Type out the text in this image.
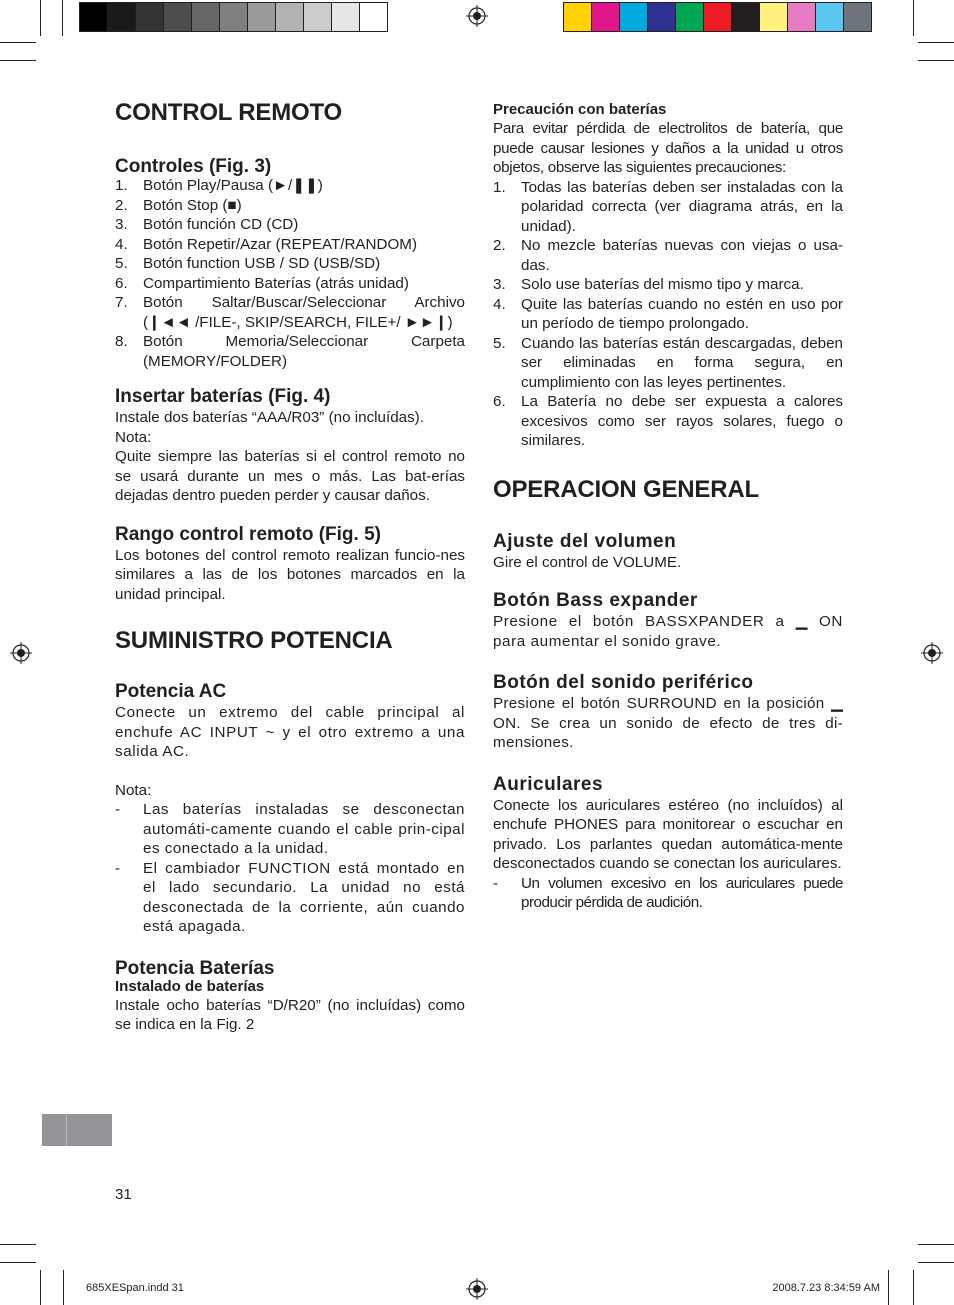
CONTROL REMOTO
Controles (Fig. 3)
1.	Botón Play/Pausa (►/❚❚)
2.	Botón Stop (■)
3.	Botón función CD (CD)
4.	Botón Repetir/Azar (REPEAT/RANDOM)
5.	Botón function USB / SD (USB/SD)
6.	Compartimiento Baterías (atrás unidad)
7.	Botón Saltar/Buscar/Seleccionar Archivo (❙◄◄ /FILE-, SKIP/SEARCH, FILE+/ ►►❙)
8.	Botón Memoria/Seleccionar Carpeta (MEMORY/FOLDER)
Insertar baterías (Fig. 4)

Instale dos baterías “AAA/R03” (no incluídas).

Nota:

Quite siempre las baterías si el control remoto no se usará durante un mes o más. Las bat-erías dejadas dentro pueden perder y causar daños.

Rango control remoto (Fig. 5)

Los botones del control remoto realizan funcio-nes similares a las de los botones marcados en la unidad principal.

SUMINISTRO POTENCIA
Potencia AC

Conecte un extremo del cable principal al enchufe AC INPUT ~ y el otro extremo a una salida AC.

Nota:

-	Las baterías instaladas se desconectan automáti-camente cuando el cable prin-cipal es conectado a la unidad.
-	El cambiador FUNCTION está montado en el lado secundario. La unidad no está desconectada de la corriente, aún cuando está apagada.
Potencia Baterías
Instalado de baterías

Instale ocho baterías “D/R20” (no incluídas) como se indica en la Fig. 2

Precaución con baterías

Para evitar pérdida de electrolitos de batería, que puede causar lesiones y daños a la unidad u otros objetos, observe las siguientes precauciones:

1.	Todas las baterías deben ser instaladas con la polaridad correcta (ver diagrama atrás, en la unidad).
2.	No mezcle baterías nuevas con viejas o usa-das.
3.	Solo use baterías del mismo tipo y marca.
4.	Quite las baterías cuando no estén en uso por un período de tiempo prolongado.
5.	Cuando las baterías están descargadas, deben ser eliminadas en forma segura, en cumplimiento con las leyes pertinentes.
6.	La Batería no debe ser expuesta a calores excesivos como ser rayos solares, fuego o similares.
OPERACION GENERAL
Ajuste del volumen

Gire el control de VOLUME.

Botón Bass expander

Presione el botón BASSXPANDER a ▁ ON para aumentar el sonido grave.

Botón del sonido periférico

Presione el botón SURROUND en la posición ▁ ON. Se crea un sonido de efecto de tres di-mensiones.

Auriculares

Conecte los auriculares estéreo (no incluídos) al enchufe PHONES para monitorear o escuchar en privado. Los parlantes quedan automática-mente desconectados cuando se conectan los auriculares.

-	Un volumen excesivo en los auriculares puede producir pérdida de audición.
31
685XESpan.indd 31	2008.7.23 8:34:59 AM
